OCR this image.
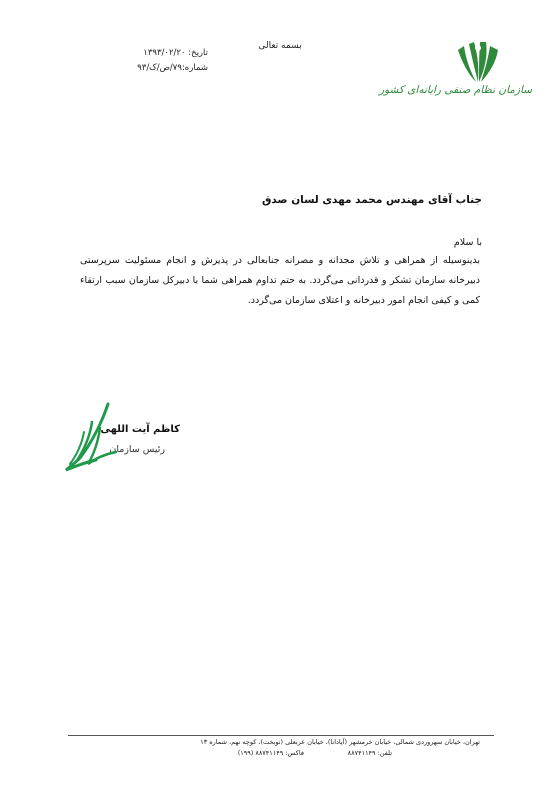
بسمه تعالی
سازمان نظام صنفی رایانه‌ای کشور
تاریخ: ۱۳۹۳/۰۲/۲۰
شماره:۷۹/ص/ک/۹۳
جناب آقای مهندس محمد مهدی لسان صدق
با سلام
بدینوسیله از همراهی و تلاش مجدانه و مصرانه جنابعالی در پذیرش و انجام مسئولیت سرپرستی دبیرخانه سازمان تشکر و قدردانی می‌گردد. به حتم تداوم همراهی شما با دبیرکل سازمان سبب ارتقاء کمی و کیفی انجام امور دبیرخانه و اعتلای سازمان می‌گردد.
کاظم آیت اللهی
رئیس سازمان
تهران، خیابان سهروردی شمالی، خیابان خرمشهر (آپادانا)، خیابان عربعلی (نوبخت)، کوچه نهم، شماره ۱۳
تلفن: ۸۸۷۴۱۱۴۹
فاکس: ۸۸۷۴۱۱۴۹ (۱۹۹)
